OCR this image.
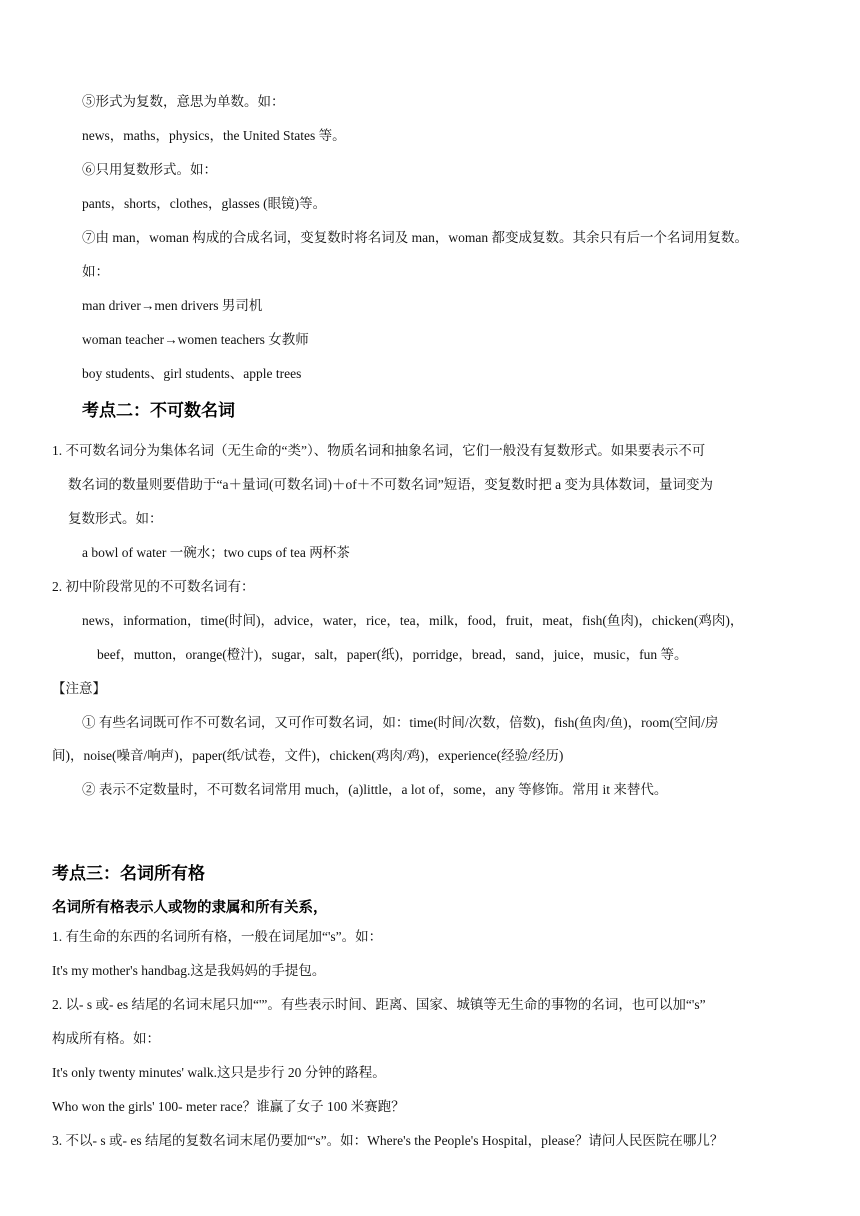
⑤形式为复数，意思为单数。如：
news，maths，physics，the United States 等。
⑥只用复数形式。如：
pants，shorts，clothes，glasses (眼镜)等。
⑦由 man，woman 构成的合成名词，变复数时将名词及 man，woman 都变成复数。其余只有后一个名词用复数。
如：
man driver→men drivers 男司机
woman teacher→women teachers 女教师
boy students、girl students、apple trees
考点二：不可数名词
1. 不可数名词分为集体名词（无生命的“类”）、物质名词和抽象名词，它们一般没有复数形式。如果要表示不可
数名词的数量则要借助于“a＋量词(可数名词)＋of＋不可数名词”短语，变复数时把 a 变为具体数词，量词变为
复数形式。如：
a bowl of water 一碗水；two cups of tea 两杯茶
2. 初中阶段常见的不可数名词有：
news，information，time(时间)，advice，water，rice，tea，milk，food，fruit，meat，fish(鱼肉)，chicken(鸡肉)，
beef，mutton，orange(橙汁)，sugar，salt，paper(纸)，porridge，bread，sand，juice，music，fun 等。
【注意】
① 有些名词既可作不可数名词，又可作可数名词，如：time(时间/次数，倍数)，fish(鱼肉/鱼)，room(空间/房
间)，noise(噪音/响声)，paper(纸/试卷，文件)，chicken(鸡肉/鸡)，experience(经验/经历)
② 表示不定数量时，不可数名词常用 much，(a)little，a lot of，some，any 等修饰。常用 it 来替代。
考点三：名词所有格
名词所有格表示人或物的隶属和所有关系，
1. 有生命的东西的名词所有格，一般在词尾加“'s”。如：
It's my mother's handbag.这是我妈妈的手提包。
2. 以- s 或- es 结尾的名词末尾只加“'”。有些表示时间、距离、国家、城镇等无生命的事物的名词，也可以加“'s”
构成所有格。如：
It's only twenty minutes' walk.这只是步行 20 分钟的路程。
Who won the girls' 100- meter race？谁赢了女子 100 米赛跑？
3. 不以- s 或- es 结尾的复数名词末尾仍要加“'s”。如：Where's the People's Hospital，please？请问人民医院在哪儿？
